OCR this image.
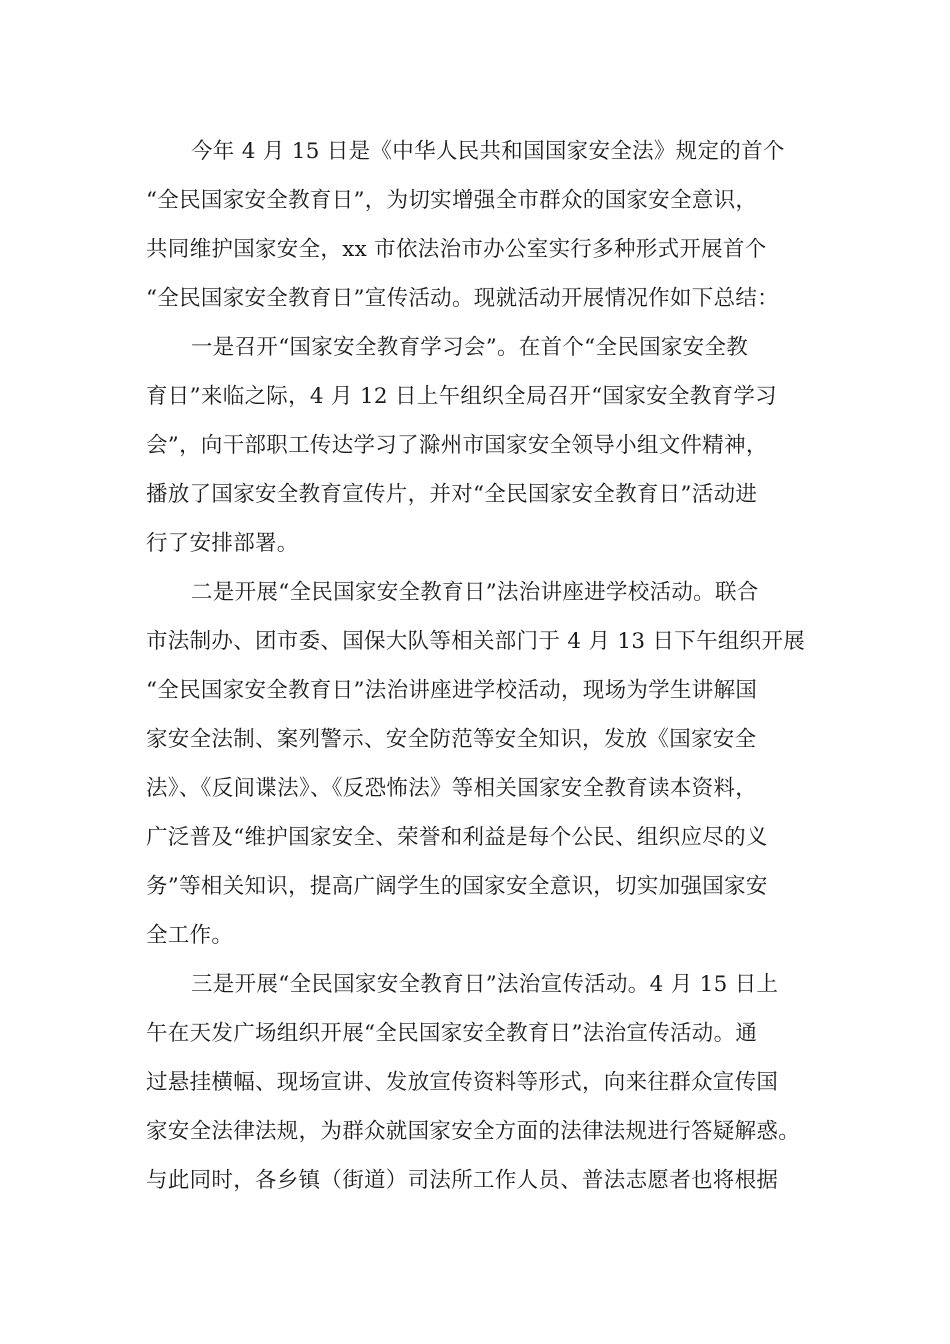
今年 4 月 15 日是《中华人民共和国国家安全法》规定的首个
“全民国家安全教育日”，为切实增强全市群众的国家安全意识，
共同维护国家安全，xx 市依法治市办公室实行多种形式开展首个
“全民国家安全教育日”宣传活动。现就活动开展情况作如下总结：
一是召开“国家安全教育学习会”。在首个“全民国家安全教
育日”来临之际，4 月 12 日上午组织全局召开“国家安全教育学习
会”，向干部职工传达学习了滁州市国家安全领导小组文件精神，
播放了国家安全教育宣传片，并对“全民国家安全教育日”活动进
行了安排部署。
二是开展“全民国家安全教育日”法治讲座进学校活动。联合
市法制办、团市委、国保大队等相关部门于 4 月 13 日下午组织开展
“全民国家安全教育日”法治讲座进学校活动，现场为学生讲解国
家安全法制、案列警示、安全防范等安全知识，发放《国家安全
法》、《反间谍法》、《反恐怖法》等相关国家安全教育读本资料，
广泛普及“维护国家安全、荣誉和利益是每个公民、组织应尽的义
务”等相关知识，提高广阔学生的国家安全意识，切实加强国家安
全工作。
三是开展“全民国家安全教育日”法治宣传活动。4 月 15 日上
午在天发广场组织开展“全民国家安全教育日”法治宣传活动。通
过悬挂横幅、现场宣讲、发放宣传资料等形式，向来往群众宣传国
家安全法律法规，为群众就国家安全方面的法律法规进行答疑解惑。
与此同时，各乡镇（街道）司法所工作人员、普法志愿者也将根据
